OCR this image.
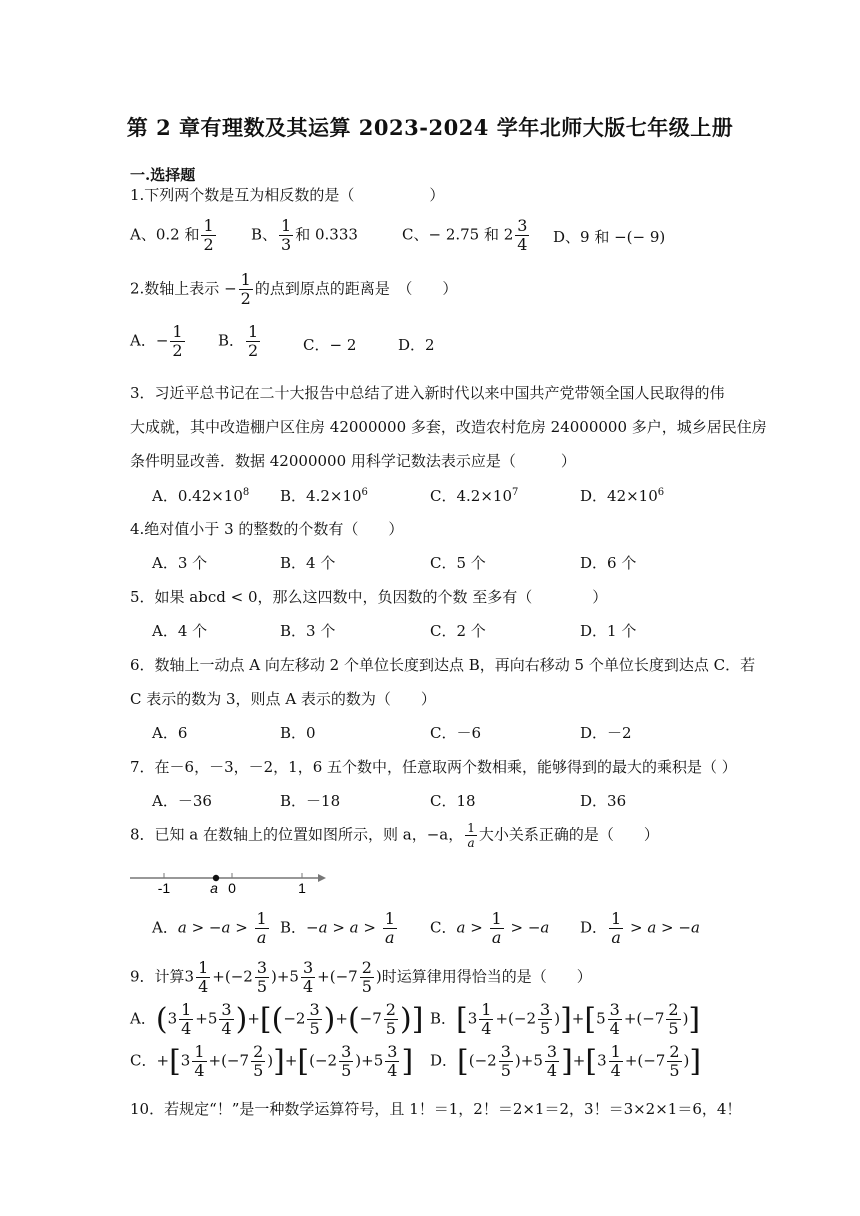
第 2 章有理数及其运算 2023-2024 学年北师大版七年级上册
一.选择题
1.下列两个数是互为相反数的是（　　　　　）
A、0.2 和 $\frac{1}{2}$ B、 $\frac{1}{3}$ 和 0.333	C、− 2.75 和 $2 \frac{3}{4}$ D、9 和 −(− 9)
2.数轴上表示 − $\frac{1}{2}$ 的点到原点的距离是　（　　）
A．− $\frac{1}{2}$ B． $\frac{1}{2}$	C．− 2	D．2
3．习近平总书记在二十大报告中总结了进入新时代以来中国共产党带领全国人民取得的伟
大成就，其中改造棚户区住房 42000000 多套，改造农村危房 24000000 多户，城乡居民住房
条件明显改善．数据 42000000 用科学记数法表示应是（　　　）
A．$0.42\times 10^8$ B．$4.2\times 10^6$	C．$4.2\times 10^7$	D．$42\times 10^6$
4.绝对值小于 3 的整数的个数有（　　）
A．3 个	B．4 个	C．5 个	D．6 个
5．如果 abcd < 0，那么这四数中，负因数的个数 至多有（　　　　）
A．4 个	B．3 个	C．2 个	D．1 个
6．数轴上一动点 A 向左移动 2 个单位长度到达点 B，再向右移动 5 个单位长度到达点 C．若
C 表示的数为 3，则点 A 表示的数为（　　）
A．6	B．0	C．－6	D．－2
7．在－6，－3，－2，1，6 五个数中，任意取两个数相乘，能够得到的最大的乘积是（ ）
A．－36	B．－18	C．18	D．36
8．已知 a 在数轴上的位置如图所示，则 a，−a， $\frac{1}{a}$ 大小关系正确的是（　　）
-1	a 0	1
A．$a > -a > \frac{1}{a}$ B．$-a > a > \frac{1}{a}$ C．$a > \frac{1}{a} > -a$ D． $\frac{1}{a} > a > -a$
9．计算$3 \frac{1}{4} +(-2 \frac{3}{5} )+5 \frac{3}{4} +(-7 \frac{2}{5}$ )时运算律用得恰当的是（　　）
A．$(3 \frac{1}{4} +5 \frac{3}{4} )+[(-2 \frac{3}{5} )+(-7 \frac{2}{5}$ )] B．$[3 \frac{1}{4} +(-2 \frac{3}{5} )]+[5 \frac{3}{4} +(-7 \frac{2}{5}$ )]
C．$+[3 \frac{1}{4} +(-7 \frac{2}{5} )]+[(-2 \frac{3}{5} )+5 \frac{3}{4}$ ] D．$[(-2 \frac{3}{5} )+5 \frac{3}{4} ]+[3 \frac{1}{4} +(-7 \frac{2}{5}$ )]
10．若规定“！”是一种数学运算符号，且 1！＝1，2！＝2×1＝2，3！＝3×2×1＝6，4！
